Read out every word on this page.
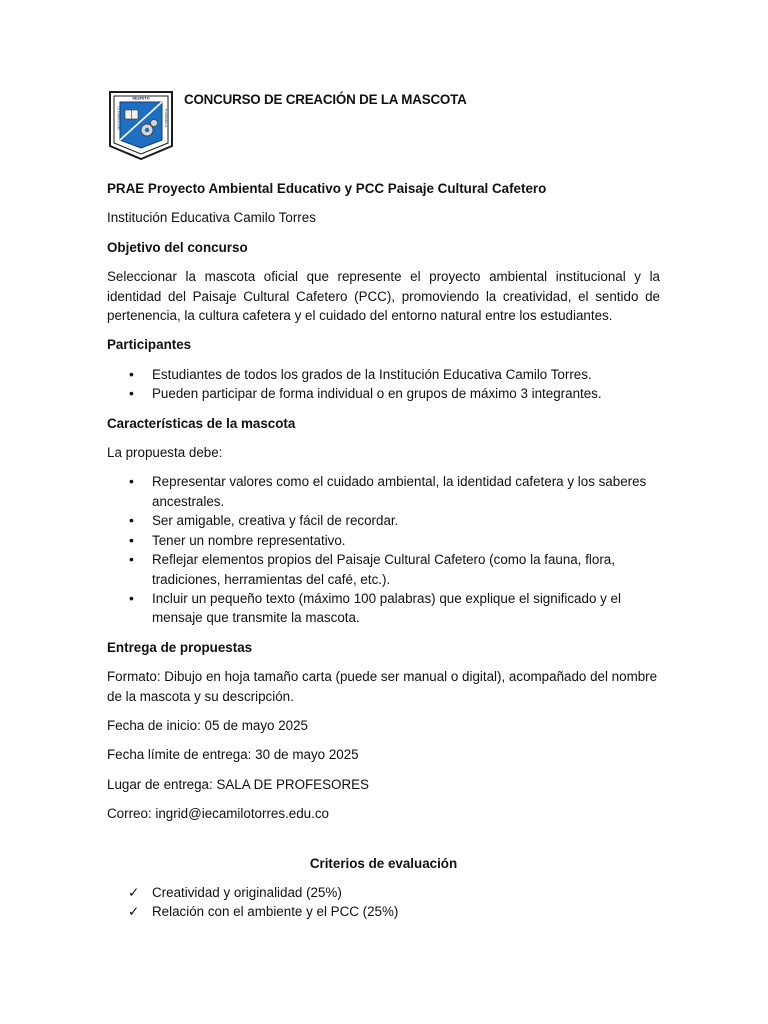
RESPETO
LA FORMACIÓN	TOLERANCIA
CONCURSO DE CREACIÓN DE LA MASCOTA

PRAE Proyecto Ambiental Educativo y PCC Paisaje Cultural Cafetero

Institución Educativa Camilo Torres

Objetivo del concurso

Seleccionar la mascota oficial que represente el proyecto ambiental institucional y la identidad del Paisaje Cultural Cafetero (PCC), promoviendo la creatividad, el sentido de pertenencia, la cultura cafetera y el cuidado del entorno natural entre los estudiantes.

Participantes

• Estudiantes de todos los grados de la Institución Educativa Camilo Torres.
• Pueden participar de forma individual o en grupos de máximo 3 integrantes.

Características de la mascota

La propuesta debe:

• Representar valores como el cuidado ambiental, la identidad cafetera y los saberes ancestrales.
• Ser amigable, creativa y fácil de recordar.
• Tener un nombre representativo.
• Reflejar elementos propios del Paisaje Cultural Cafetero (como la fauna, flora, tradiciones, herramientas del café, etc.).
• Incluir un pequeño texto (máximo 100 palabras) que explique el significado y el mensaje que transmite la mascota.

Entrega de propuestas

Formato: Dibujo en hoja tamaño carta (puede ser manual o digital), acompañado del nombre de la mascota y su descripción.

Fecha de inicio: 05 de mayo 2025

Fecha límite de entrega: 30 de mayo 2025

Lugar de entrega: SALA DE PROFESORES

Correo: ingrid@iecamilotorres.edu.co

Criterios de evaluación

✓ Creatividad y originalidad (25%)
✓ Relación con el ambiente y el PCC (25%)
